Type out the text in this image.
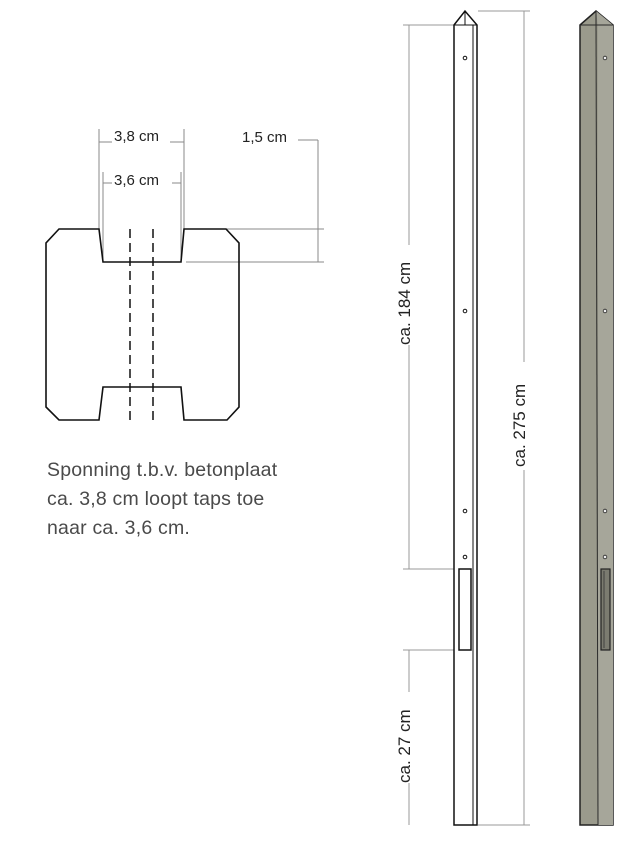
3,8 cm
3,6 cm
1,5 cm
ca. 184 cm
ca. 27 cm
ca. 275 cm
Sponning t.b.v. betonplaat
ca. 3,8 cm loopt taps toe
naar ca. 3,6 cm.
